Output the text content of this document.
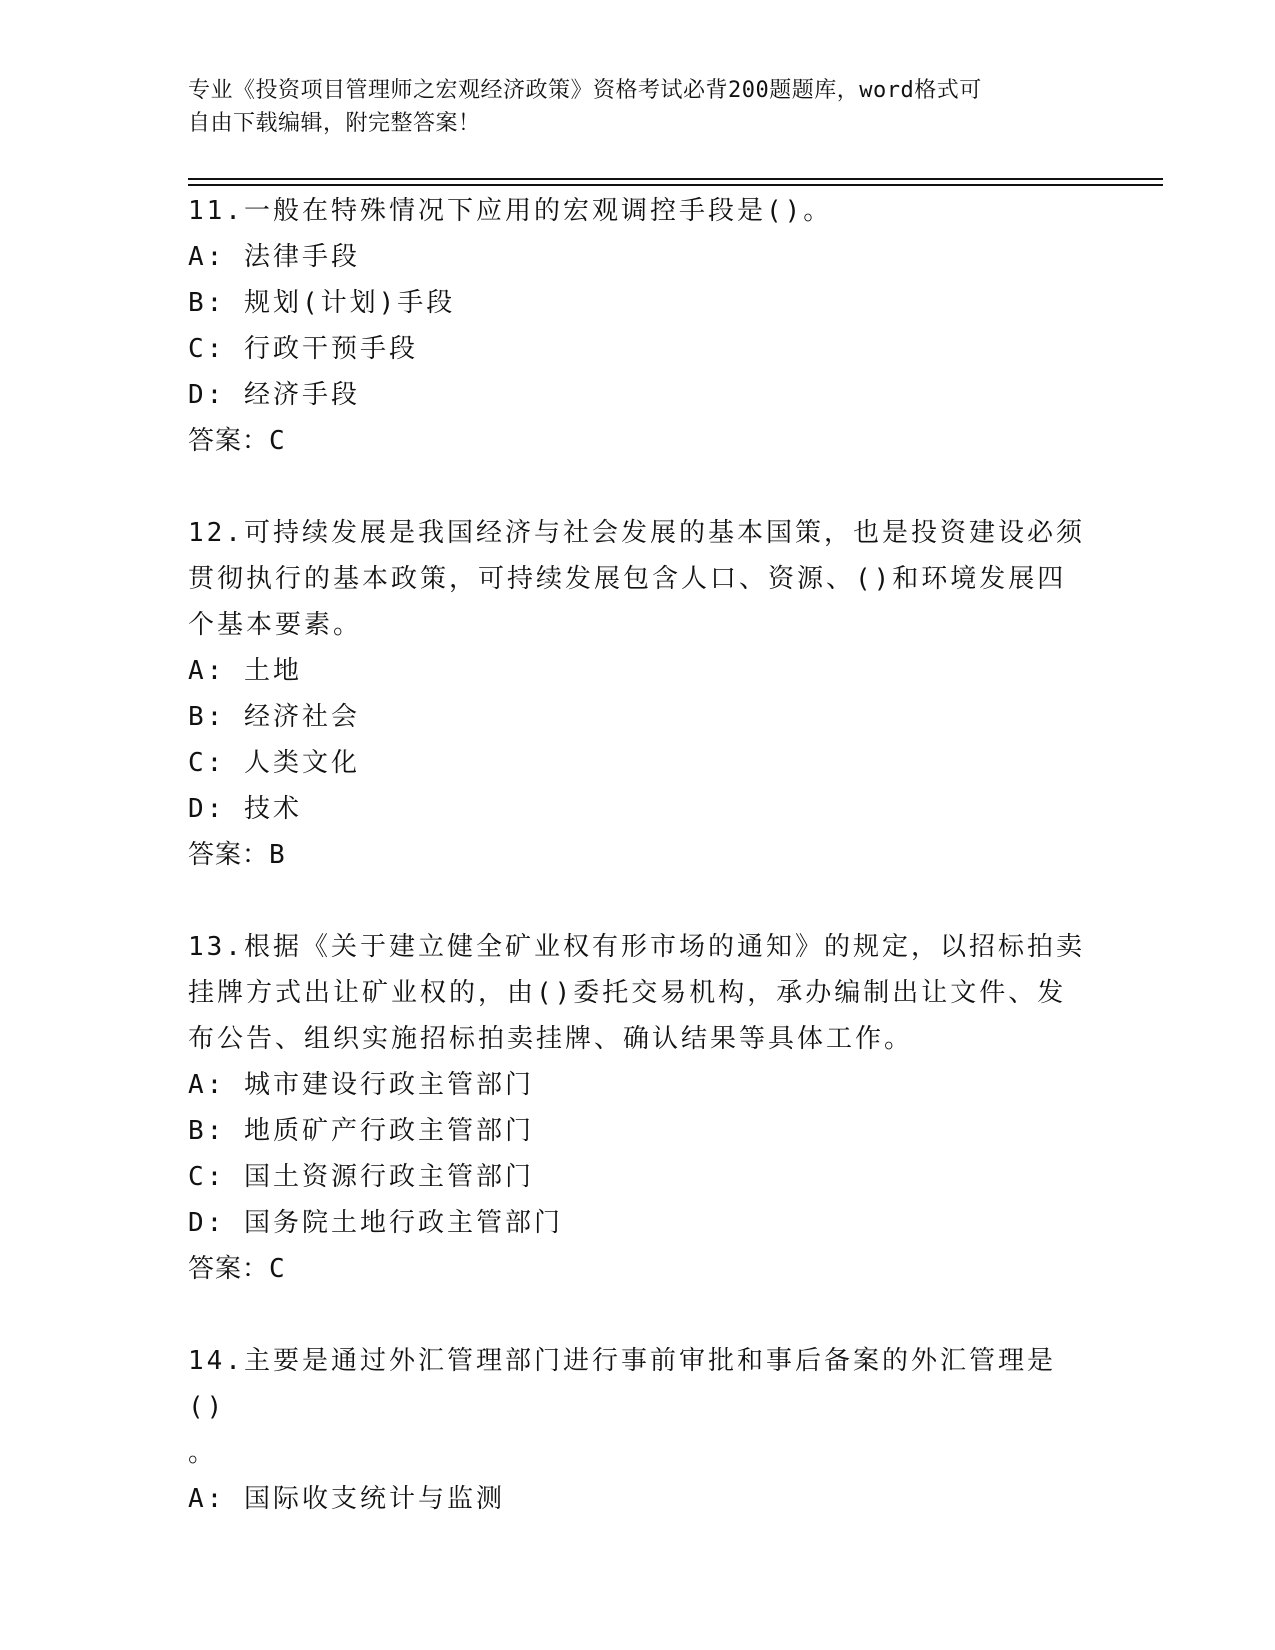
专业《投资项目管理师之宏观经济政策》资格考试必背200题题库，word格式可
自由下载编辑，附完整答案！
11.一般在特殊情况下应用的宏观调控手段是()。
A: 法律手段
B: 规划(计划)手段
C: 行政干预手段
D: 经济手段
答案：C
12.可持续发展是我国经济与社会发展的基本国策，也是投资建设必须
贯彻执行的基本政策，可持续发展包含人口、资源、()和环境发展四
个基本要素。
A: 土地
B: 经济社会
C: 人类文化
D: 技术
答案：B
13.根据《关于建立健全矿业权有形市场的通知》的规定，以招标拍卖
挂牌方式出让矿业权的，由()委托交易机构，承办编制出让文件、发
布公告、组织实施招标拍卖挂牌、确认结果等具体工作。
A: 城市建设行政主管部门
B: 地质矿产行政主管部门
C: 国土资源行政主管部门
D: 国务院土地行政主管部门
答案：C
14.主要是通过外汇管理部门进行事前审批和事后备案的外汇管理是()
。
A: 国际收支统计与监测
